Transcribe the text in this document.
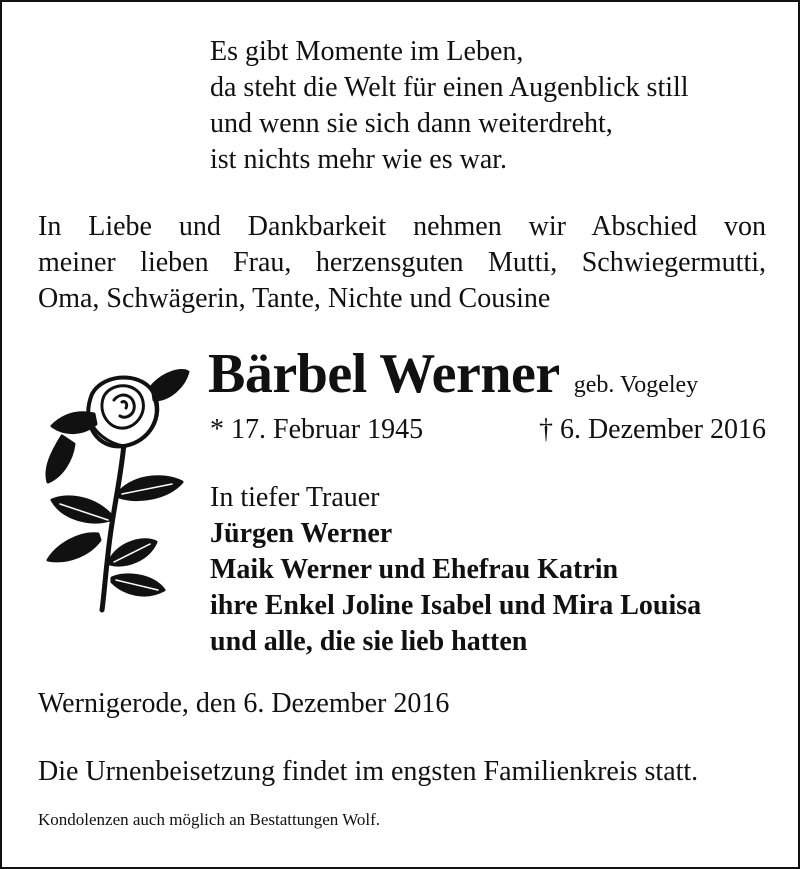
Es gibt Momente im Leben,
da steht die Welt für einen Augenblick still
und wenn sie sich dann weiterdreht,
ist nichts mehr wie es war.
In Liebe und Dankbarkeit nehmen wir Abschied von
meiner lieben Frau, herzensguten Mutti, Schwiegermutti,
Oma, Schwägerin, Tante, Nichte und Cousine
Bärbel Werner geb. Vogeley
* 17. Februar 1945	† 6. Dezember 2016
In tiefer Trauer
Jürgen Werner
Maik Werner und Ehefrau Katrin
ihre Enkel Joline Isabel und Mira Louisa
und alle, die sie lieb hatten
Wernigerode, den 6. Dezember 2016
Die Urnenbeisetzung findet im engsten Familienkreis statt.
Kondolenzen auch möglich an Bestattungen Wolf.
